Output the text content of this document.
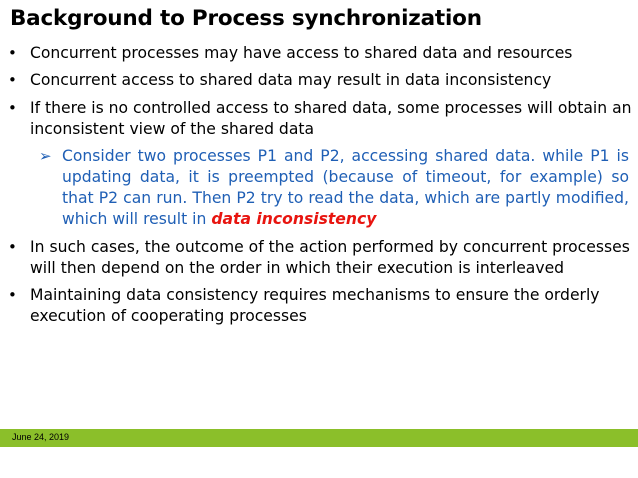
Background to Process synchronization
• Concurrent processes may have access to shared data and resources
• Concurrent access to shared data may result in data inconsistency
• If there is no controlled access to shared data, some processes will obtain an inconsistent view of the shared data
➢ Consider two processes P1 and P2, accessing shared data. while P1 is updating data, it is preempted (because of timeout, for example) so that P2 can run. Then P2 try to read the data, which are partly modified, which will result in data inconsistency
• In such cases, the outcome of the action performed by concurrent processes will then depend on the order in which their execution is interleaved
• Maintaining data consistency requires mechanisms to ensure the orderly execution of cooperating processes
June 24, 2019
